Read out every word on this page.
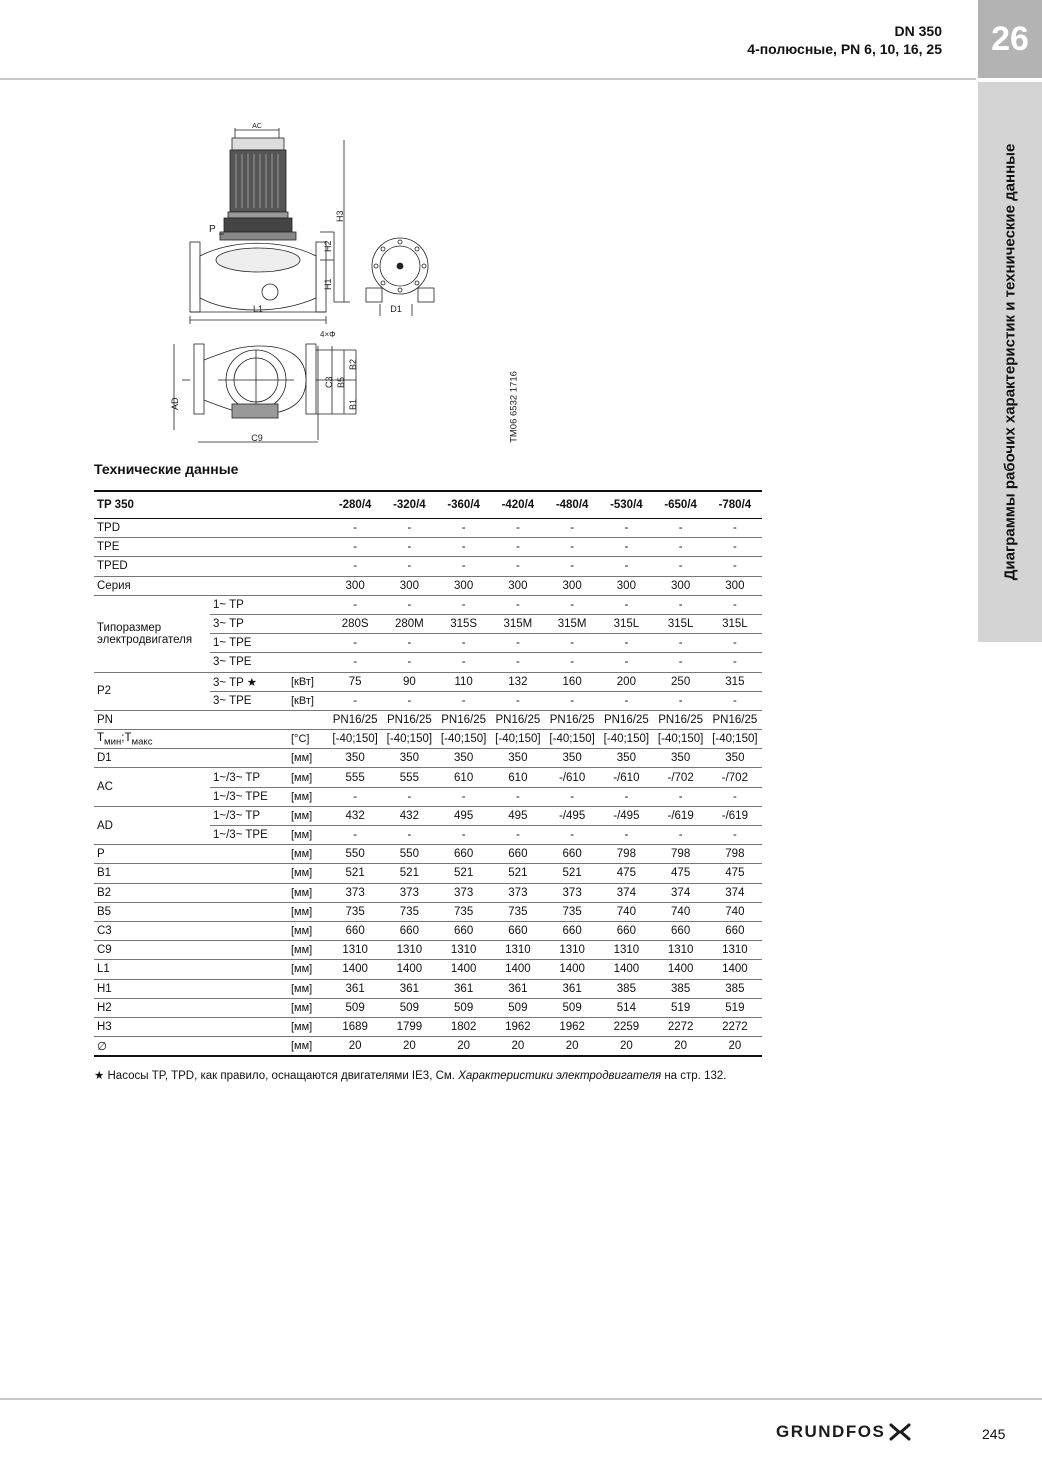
DN 350
4-полюсные, PN 6, 10, 16, 25	26
Диаграммы рабочих характеристик и технические данные
AC
P
L1
H3
H2
H1
D1
4×Φ
AD
C9
C3 B5
B2
B1	TM06 6532 1716
Технические данные
TP 350			-280/4	-320/4	-360/4	-420/4	-480/4	-530/4	-650/4	-780/4
TPD			-	-	-	-	-	-	-	-
TPE			-	-	-	-	-	-	-	-
TPED			-	-	-	-	-	-	-	-
Серия			300	300	300	300	300	300	300	300
Типоразмер
электродвигателя	1~ TP		-	-	-	-	-	-	-	-
	3~ TP		280S	280M	315S	315M	315M	315L	315L	315L
	1~ TPE		-	-	-	-	-	-	-	-
	3~ TPE		-	-	-	-	-	-	-	-
P2	3~ TP ★	[кВт]	75	90	110	132	160	200	250	315
	3~ TPE	[кВт]	-	-	-	-	-	-	-	-
PN			PN16/25	PN16/25	PN16/25	PN16/25	PN16/25	PN16/25	PN16/25	PN16/25
$T_{мин};T_{макс}$		[°C]	[-40;150]	[-40;150]	[-40;150]	[-40;150]	[-40;150]	[-40;150]	[-40;150]	[-40;150]
D1		[мм]	350	350	350	350	350	350	350	350
AC	1~/3~ TP	[мм]	555	555	610	610	-/610	-/610	-/702	-/702
	1~/3~ TPE	[мм]	-	-	-	-	-	-	-	-
AD	1~/3~ TP	[мм]	432	432	495	495	-/495	-/495	-/619	-/619
	1~/3~ TPE	[мм]	-	-	-	-	-	-	-	-
P		[мм]	550	550	660	660	660	798	798	798
B1		[мм]	521	521	521	521	521	475	475	475
B2		[мм]	373	373	373	373	373	374	374	374
B5		[мм]	735	735	735	735	735	740	740	740
C3		[мм]	660	660	660	660	660	660	660	660
C9		[мм]	1310	1310	1310	1310	1310	1310	1310	1310
L1		[мм]	1400	1400	1400	1400	1400	1400	1400	1400
H1		[мм]	361	361	361	361	361	385	385	385
H2		[мм]	509	509	509	509	509	514	519	519
H3		[мм]	1689	1799	1802	1962	1962	2259	2272	2272
∅		[мм]	20	20	20	20	20	20	20	20
★ Насосы TP, TPD, как правило, оснащаются двигателями IE3, См. Характеристики электродвигателя на стр. 132.
GRUNDFOS	245
